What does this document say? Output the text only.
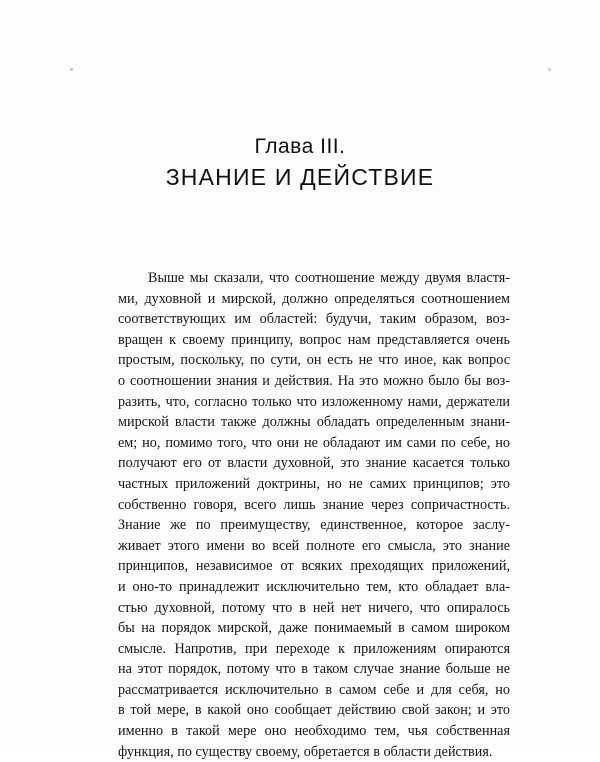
Глава III.
ЗНАНИЕ И ДЕЙСТВИЕ
Выше мы сказали, что соотношение между двумя властя-
ми, духовной и мирской, должно определяться соотношением
соответствующих им областей: будучи, таким образом, воз-
вращен к своему принципу, вопрос нам представляется очень
простым, поскольку, по сути, он есть не что иное, как вопрос
о соотношении знания и действия. На это можно было бы воз-
разить, что, согласно только что изложенному нами, держатели
мирской власти также должны обладать определенным знани-
ем; но, помимо того, что они не обладают им сами по себе, но
получают его от власти духовной, это знание касается только
частных приложений доктрины, но не самих принципов; это
собственно говоря, всего лишь знание через сопричастность.
Знание же по преимуществу, единственное, которое заслу-
живает этого имени во всей полноте его смысла, это знание
принципов, независимое от всяких преходящих приложений,
и оно-то принадлежит исключительно тем, кто обладает вла-
стью духовной, потому что в ней нет ничего, что опиралось
бы на порядок мирской, даже понимаемый в самом широком
смысле. Напротив, при переходе к приложениям опираются
на этот порядок, потому что в таком случае знание больше не
рассматривается исключительно в самом себе и для себя, но
в той мере, в какой оно сообщает действию свой закон; и это
именно в такой мере оно необходимо тем, чья собственная
функция, по существу своему, обретается в области действия.
